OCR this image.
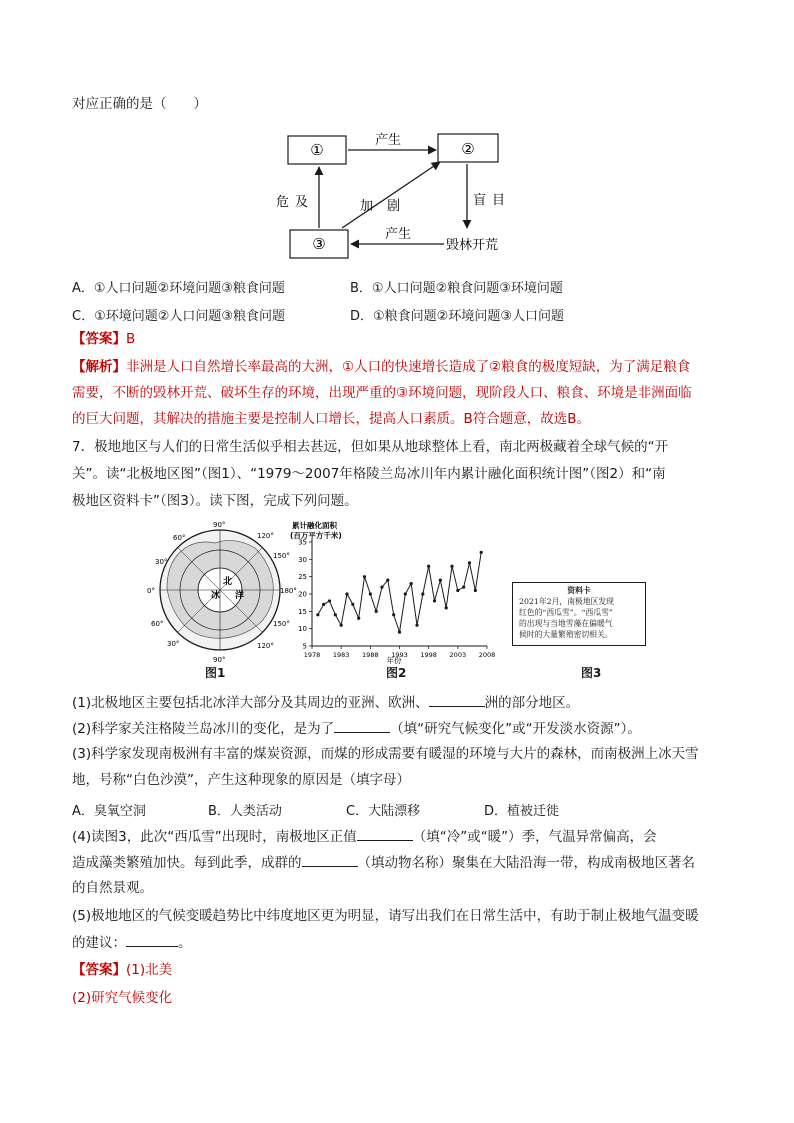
对应正确的是（　　）
①	②
③
产生
危及	加剧	盲目
产生
毁林开荒
A．①人口问题②环境问题③粮食问题	B．①人口问题②粮食问题③环境问题
C．①环境问题②人口问题③粮食问题	D．①粮食问题②环境问题③人口问题
【答案】B
【解析】非洲是人口自然增长率最高的大洲，①人口的快速增长造成了②粮食的极度短缺，为了满足粮食
需要，不断的毁林开荒、破坏生存的环境，出现严重的③环境问题，现阶段人口、粮食、环境是非洲面临
的巨大问题，其解决的措施主要是控制人口增长，提高人口素质。B符合题意，故选B。
7．极地地区与人们的日常生活似乎相去甚远，但如果从地球整体上看，南北两极藏着全球气候的“开
关”。读“北极地区图”（图1）、“1979～2007年格陵兰岛冰川年内累计融化面积统计图”（图2）和“南
极地区资料卡”（图3）。读下图，完成下列问题。
90°
60°
30°
120°
150°
180°
150°
120°
90°
30°
60°
0°
北
冰 洋
图1
累计融化面积
(百万平方千米)
5
10
15
20
25
30
35
1978 1983 1988 1993 1998 2003 2008
年份
图2
资料卡
2021年2月，南极地区发现
红色的“西瓜雪”。“西瓜雪”
的出现与当地雪藻在偏暖气
候时的大量繁殖密切相关。
图3
(1)北极地区主要包括北冰洋大部分及其周边的亚洲、欧洲、	洲的部分地区。
(2)科学家关注格陵兰岛冰川的变化，是为了	（填“研究气候变化”或“开发淡水资源”）。
(3)科学家发现南极洲有丰富的煤炭资源，而煤的形成需要有暖湿的环境与大片的森林，而南极洲上冰天雪
地，号称“白色沙漠”，产生这种现象的原因是（填字母）
A．臭氧空洞	B．人类活动	C．大陆漂移	D．植被迁徙
(4)读图3，此次“西瓜雪”出现时，南极地区正值	（填“冷”或“暖”）季，气温异常偏高，会
造成藻类繁殖加快。每到此季，成群的	（填动物名称）聚集在大陆沿海一带，构成南极地区著名
的自然景观。
(5)极地地区的气候变暖趋势比中纬度地区更为明显，请写出我们在日常生活中，有助于制止极地气温变暖
的建议：	。
【答案】(1)北美
(2)研究气候变化
